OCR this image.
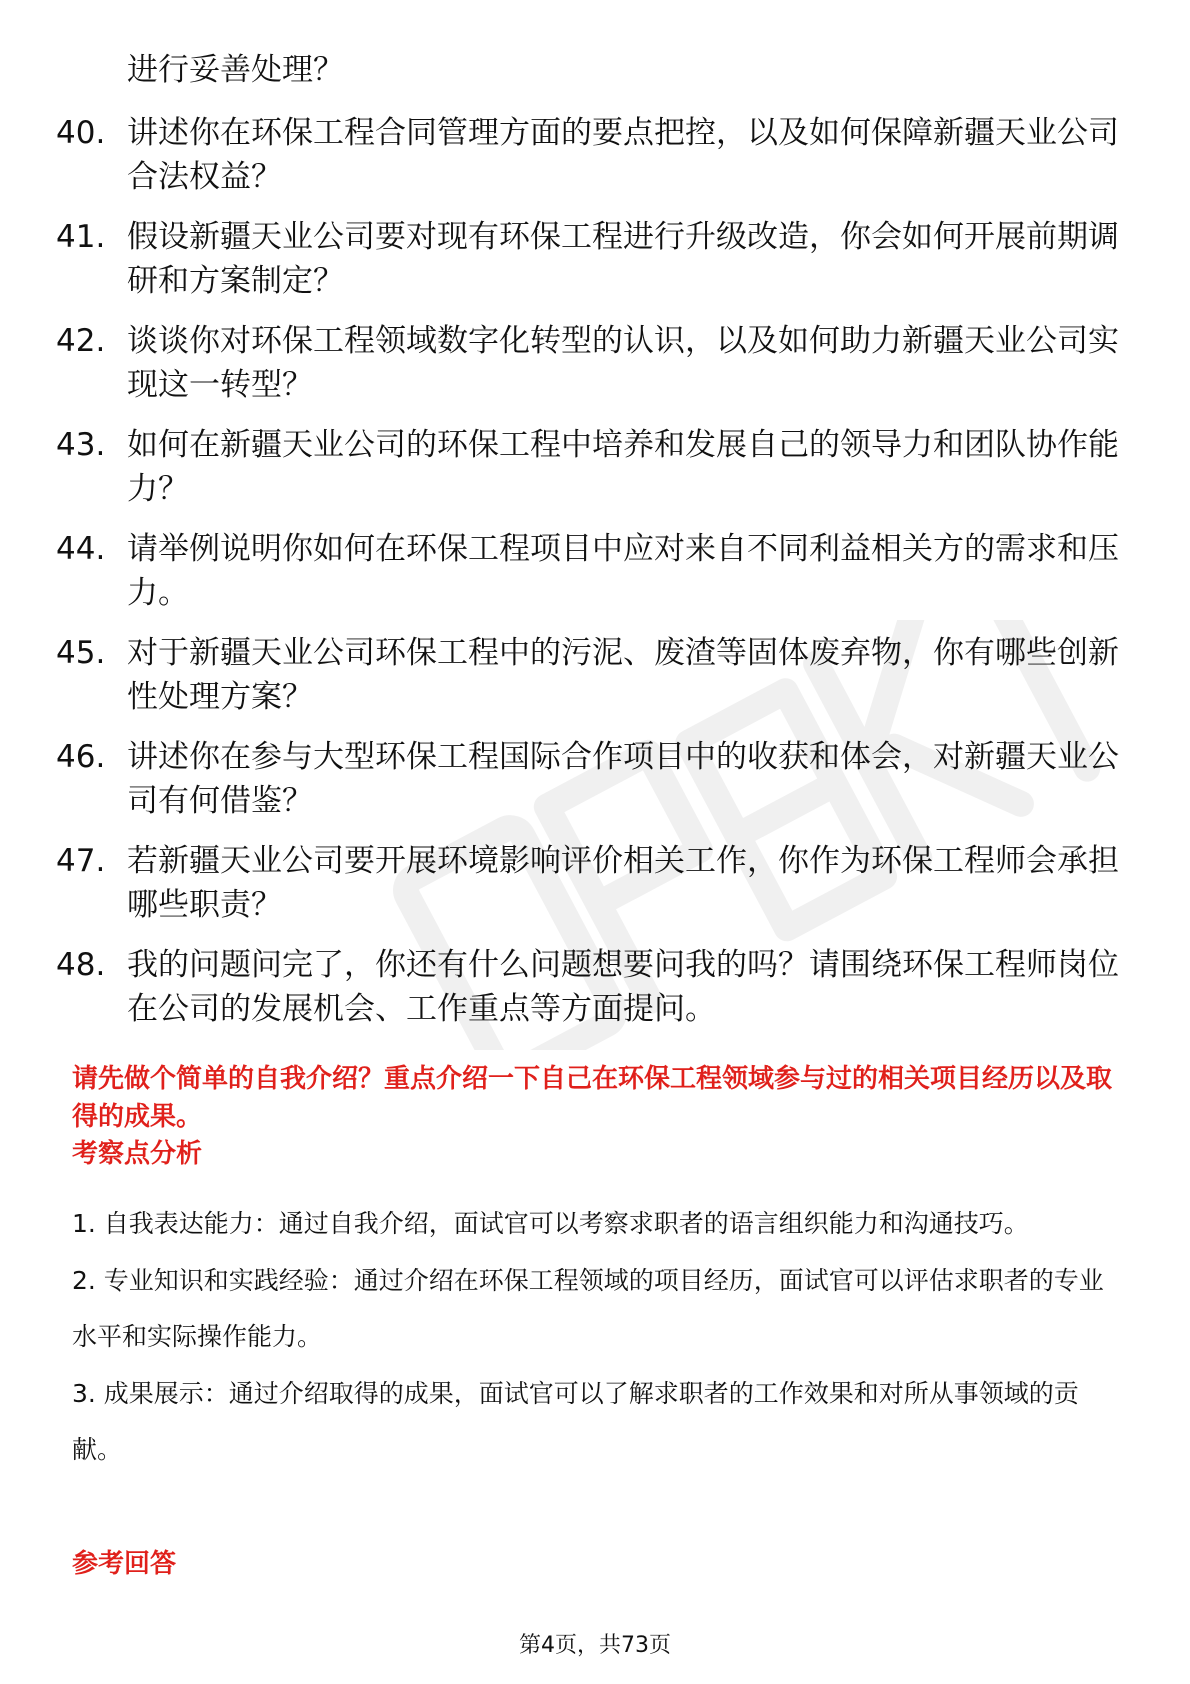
进行妥善处理？

40. 讲述你在环保工程合同管理方面的要点把控，以及如何保障新疆天业公司合法权益？

41. 假设新疆天业公司要对现有环保工程进行升级改造，你会如何开展前期调研和方案制定？

42. 谈谈你对环保工程领域数字化转型的认识，以及如何助力新疆天业公司实现这一转型？

43. 如何在新疆天业公司的环保工程中培养和发展自己的领导力和团队协作能力？

44. 请举例说明你如何在环保工程项目中应对来自不同利益相关方的需求和压力。

45. 对于新疆天业公司环保工程中的污泥、废渣等固体废弃物，你有哪些创新性处理方案？

46. 讲述你在参与大型环保工程国际合作项目中的收获和体会，对新疆天业公司有何借鉴？

47. 若新疆天业公司要开展环境影响评价相关工作，你作为环保工程师会承担哪些职责？

48. 我的问题问完了，你还有什么问题想要问我的吗？请围绕环保工程师岗位在公司的发展机会、工作重点等方面提问。

请先做个简单的自我介绍？重点介绍一下自己在环保工程领域参与过的相关项目经历以及取得的成果。

考察点分析
1. 自我表达能力：通过自我介绍，面试官可以考察求职者的语言组织能力和沟通技巧。
2. 专业知识和实践经验：通过介绍在环保工程领域的项目经历，面试官可以评估求职者的专业水平和实际操作能力。
3. 成果展示：通过介绍取得的成果，面试官可以了解求职者的工作效果和对所从事领域的贡献。
参考回答
第4页，共73页
